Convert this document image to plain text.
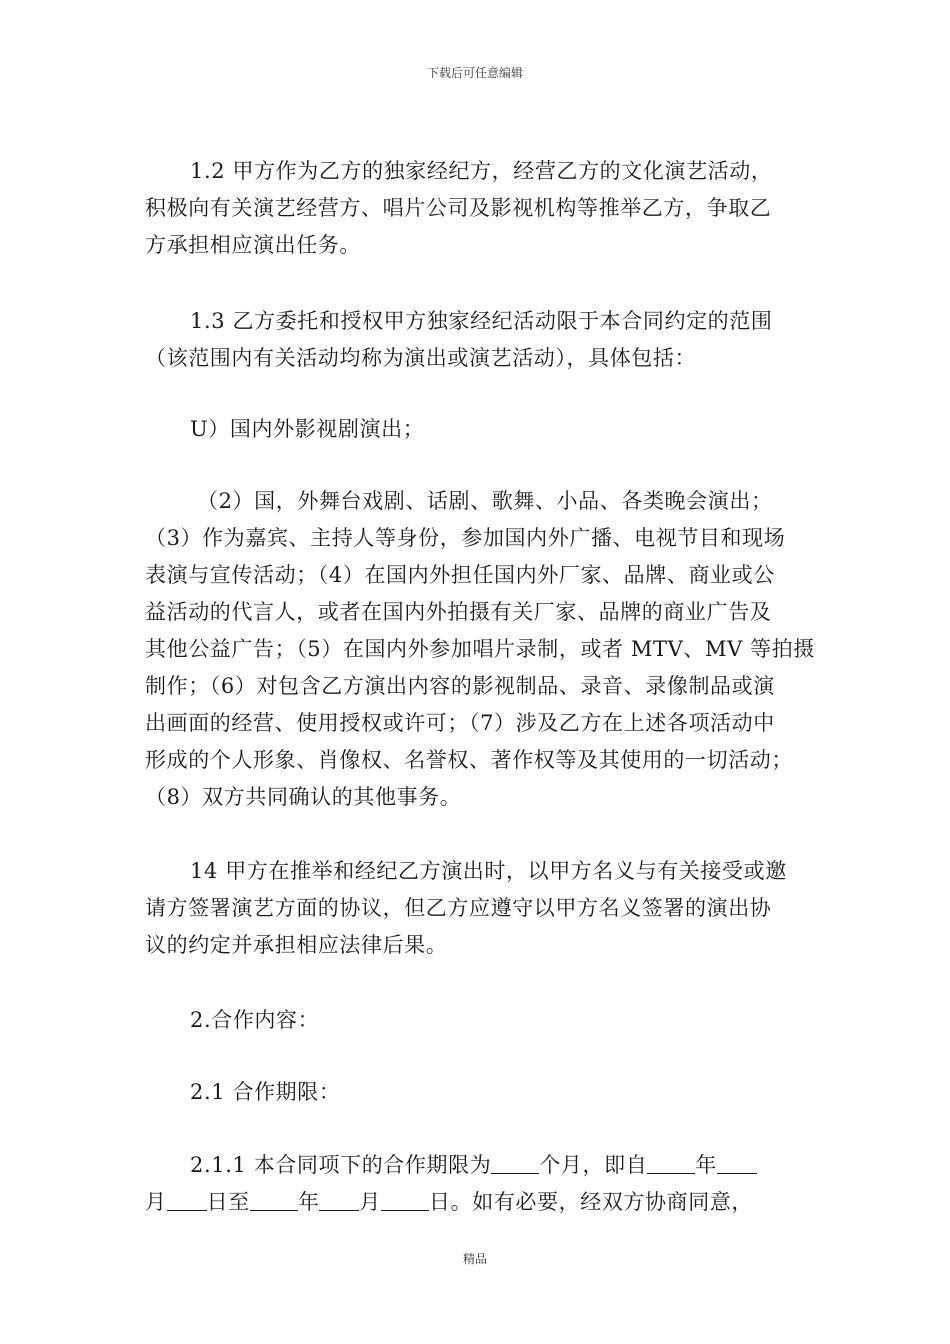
下载后可任意编辑
1.2 甲方作为乙方的独家经纪方，经营乙方的文化演艺活动，
积极向有关演艺经营方、唱片公司及影视机构等推举乙方，争取乙
方承担相应演出任务。
1.3 乙方委托和授权甲方独家经纪活动限于本合同约定的范围
（该范围内有关活动均称为演出或演艺活动），具体包括：
U）国内外影视剧演出；
（2）国，外舞台戏剧、话剧、歌舞、小品、各类晚会演出；
（3）作为嘉宾、主持人等身份，参加国内外广播、电视节目和现场
表演与宣传活动；（4）在国内外担任国内外厂家、品牌、商业或公
益活动的代言人，或者在国内外拍摄有关厂家、品牌的商业广告及
其他公益广告；（5）在国内外参加唱片录制，或者 MTV、MV 等拍摄
制作；（6）对包含乙方演出内容的影视制品、录音、录像制品或演
出画面的经营、使用授权或许可；（7）涉及乙方在上述各项活动中
形成的个人形象、肖像权、名誉权、著作权等及其使用的一切活动；
（8）双方共同确认的其他事务。
14 甲方在推举和经纪乙方演出时，以甲方名义与有关接受或邀
请方签署演艺方面的协议，但乙方应遵守以甲方名义签署的演出协
议的约定并承担相应法律后果。
2.合作内容：
2.1 合作期限：
2.1.1 本合同项下的合作期限为 个月，即自 年
月 日至 年 月 日。如有必要，经双方协商同意，
精品
